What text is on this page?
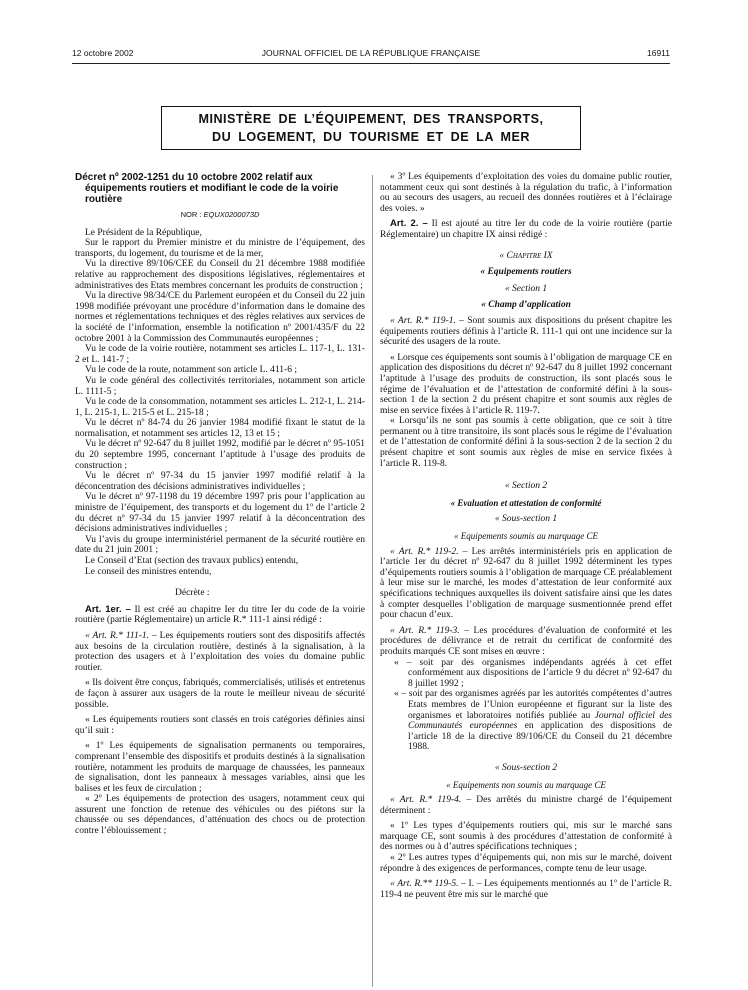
12 octobre 2002	JOURNAL OFFICIEL DE LA RÉPUBLIQUE FRANÇAISE	16911
MINISTÈRE DE L’ÉQUIPEMENT, DES TRANSPORTS,
DU LOGEMENT, DU TOURISME ET DE LA MER

Décret nº 2002-1251 du 10 octobre 2002 relatif aux équipements routiers et modifiant le code de la voirie routière

NOR : EQUX0200073D

Le Président de la République,

Sur le rapport du Premier ministre et du ministre de l’équipement, des transports, du logement, du tourisme et de la mer,

Vu la directive 89/106/CEE du Conseil du 21 décembre 1988 modifiée relative au rapprochement des dispositions législatives, réglementaires et administratives des Etats membres concernant les produits de construction ;

Vu la directive 98/34/CE du Parlement européen et du Conseil du 22 juin 1998 modifiée prévoyant une procédure d’information dans le domaine des normes et réglementations techniques et des règles relatives aux services de la société de l’information, ensemble la notification nº 2001/435/F du 22 octobre 2001 à la Commission des Communautés européennes ;

Vu le code de la voirie routière, notamment ses articles L. 117-1, L. 131-2 et L. 141-7 ;

Vu le code de la route, notamment son article L. 411-6 ;

Vu le code général des collectivités territoriales, notamment son article L. 1111-5 ;

Vu le code de la consommation, notamment ses articles L. 212-1, L. 214-1, L. 215-1, L. 215-5 et L. 215-18 ;

Vu le décret nº 84-74 du 26 janvier 1984 modifié fixant le statut de la normalisation, et notamment ses articles 12, 13 et 15 ;

Vu le décret nº 92-647 du 8 juillet 1992, modifié par le décret nº 95-1051 du 20 septembre 1995, concernant l’aptitude à l’usage des produits de construction ;

Vu le décret nº 97-34 du 15 janvier 1997 modifié relatif à la déconcentration des décisions administratives individuelles ;

Vu le décret nº 97-1198 du 19 décembre 1997 pris pour l’application au ministre de l’équipement, des transports et du logement du 1º de l’article 2 du décret nº 97-34 du 15 janvier 1997 relatif à la déconcentration des décisions administratives individuelles ;

Vu l’avis du groupe interministériel permanent de la sécurité routière en date du 21 juin 2001 ;

Le Conseil d’Etat (section des travaux publics) entendu,

Le conseil des ministres entendu,

Décrète :

Art. 1er. – Il est créé au chapitre Ier du titre Ier du code de la voirie routière (partie Réglementaire) un article R.* 111-1 ainsi rédigé :

« Art. R.* 111-1. – Les équipements routiers sont des dispositifs affectés aux besoins de la circulation routière, destinés à la signalisation, à la protection des usagers et à l’exploitation des voies du domaine public routier.

« Ils doivent être conçus, fabriqués, commercialisés, utilisés et entretenus de façon à assurer aux usagers de la route le meilleur niveau de sécurité possible.

« Les équipements routiers sont classés en trois catégories définies ainsi qu’il suit :

« 1º Les équipements de signalisation permanents ou temporaires, comprenant l’ensemble des dispositifs et produits destinés à la signalisation routière, notamment les produits de marquage de chaussées, les panneaux de signalisation, dont les panneaux à messages variables, ainsi que les balises et les feux de circulation ;

« 2º Les équipements de protection des usagers, notamment ceux qui assurent une fonction de retenue des véhicules ou des piétons sur la chaussée ou ses dépendances, d’atténuation des chocs ou de protection contre l’éblouissement ;

« 3º Les équipements d’exploitation des voies du domaine public routier, notamment ceux qui sont destinés à la régulation du trafic, à l’information ou au secours des usagers, au recueil des données routières et à l’éclairage des voies. »

Art. 2. – Il est ajouté au titre Ier du code de la voirie routière (partie Réglementaire) un chapitre IX ainsi rédigé :

« Chapitre IX

« Equipements routiers

« Section 1

« Champ d’application

« Art. R.* 119-1. – Sont soumis aux dispositions du présent chapitre les équipements routiers définis à l’article R. 111-1 qui ont une incidence sur la sécurité des usagers de la route.

« Lorsque ces équipements sont soumis à l’obligation de marquage CE en application des dispositions du décret nº 92-647 du 8 juillet 1992 concernant l’aptitude à l’usage des produits de construction, ils sont placés sous le régime de l’évaluation et de l’attestation de conformité défini à la sous-section 1 de la section 2 du présent chapitre et sont soumis aux règles de mise en service fixées à l’article R. 119-7.

« Lorsqu’ils ne sont pas soumis à cette obligation, que ce soit à titre permanent ou à titre transitoire, ils sont placés sous le régime de l’évaluation et de l’attestation de conformité défini à la sous-section 2 de la section 2 du présent chapitre et sont soumis aux règles de mise en service fixées à l’article R. 119-8.

« Section 2

« Evaluation et attestation de conformité

« Sous-section 1

« Equipements soumis au marquage CE

« Art. R.* 119-2. – Les arrêtés interministériels pris en application de l’article 1er du décret nº 92-647 du 8 juillet 1992 déterminent les types d’équipements routiers soumis à l’obligation de marquage CE préalablement à leur mise sur le marché, les modes d’attestation de leur conformité aux spécifications techniques auxquelles ils doivent satisfaire ainsi que les dates à compter desquelles l’obligation de marquage susmentionnée prend effet pour chacun d’eux.

« Art. R.* 119-3. – Les procédures d’évaluation de conformité et les procédures de délivrance et de retrait du certificat de conformité des produits marqués CE sont mises en œuvre :

« – soit par des organismes indépendants agréés à cet effet conformément aux dispositions de l’article 9 du décret nº 92-647 du 8 juillet 1992 ;

« – soit par des organismes agréés par les autorités compétentes d’autres Etats membres de l’Union européenne et figurant sur la liste des organismes et laboratoires notifiés publiée au Journal officiel des Communautés européennes en application des dispositions de l’article 18 de la directive 89/106/CE du Conseil du 21 décembre 1988.

« Sous-section 2

« Equipements non soumis au marquage CE

« Art. R.* 119-4. – Des arrêtés du ministre chargé de l’équipement déterminent :

« 1º Les types d’équipements routiers qui, mis sur le marché sans marquage CE, sont soumis à des procédures d’attestation de conformité à des normes ou à d’autres spécifications techniques ;

« 2º Les autres types d’équipements qui, non mis sur le marché, doivent répondre à des exigences de performances, compte tenu de leur usage.

« Art. R.** 119-5. – I. – Les équipements mentionnés au 1º de l’article R. 119-4 ne peuvent être mis sur le marché que
